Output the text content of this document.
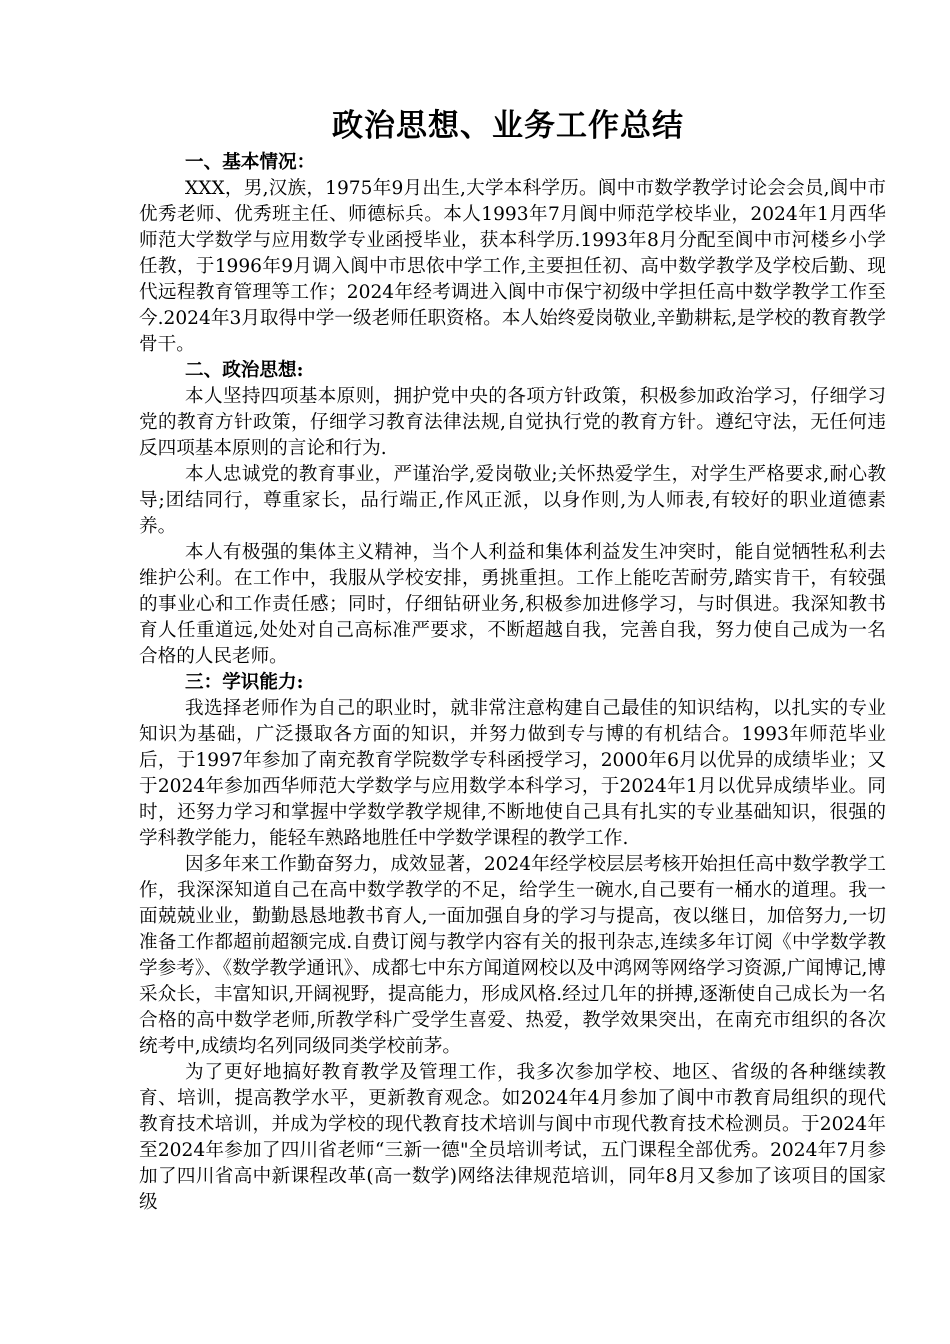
政治思想、业务工作总结

一、基本情况：

XXX，男,汉族，1975年9月出生,大学本科学历。阆中市数学教学讨论会会员,阆中市优秀老师、优秀班主任、师德标兵。本人1993年7月阆中师范学校毕业，2024年1月西华师范大学数学与应用数学专业函授毕业，获本科学历.1993年8月分配至阆中市河楼乡小学任教，于1996年9月调入阆中市思依中学工作,主要担任初、高中数学教学及学校后勤、现代远程教育管理等工作；2024年经考调进入阆中市保宁初级中学担任高中数学教学工作至今.2024年3月取得中学一级老师任职资格。本人始终爱岗敬业,辛勤耕耘,是学校的教育教学骨干。

二、政治思想:

本人坚持四项基本原则，拥护党中央的各项方针政策，积极参加政治学习，仔细学习党的教育方针政策，仔细学习教育法律法规,自觉执行党的教育方针。遵纪守法，无任何违反四项基本原则的言论和行为.

本人忠诚党的教育事业，严谨治学,爱岗敬业;关怀热爱学生，对学生严格要求,耐心教导;团结同行，尊重家长，品行端正,作风正派，以身作则,为人师表,有较好的职业道德素养。

本人有极强的集体主义精神，当个人利益和集体利益发生冲突时，能自觉牺牲私利去维护公利。在工作中，我服从学校安排，勇挑重担。工作上能吃苦耐劳,踏实肯干，有较强的事业心和工作责任感；同时，仔细钻研业务,积极参加进修学习，与时俱进。我深知教书育人任重道远,处处对自己高标准严要求，不断超越自我，完善自我，努力使自己成为一名合格的人民老师。

三：学识能力:

我选择老师作为自己的职业时，就非常注意构建自己最佳的知识结构，以扎实的专业知识为基础，广泛摄取各方面的知识，并努力做到专与博的有机结合。1993年师范毕业后，于1997年参加了南充教育学院数学专科函授学习，2000年6月以优异的成绩毕业；又于2024年参加西华师范大学数学与应用数学本科学习，于2024年1月以优异成绩毕业。同时，还努力学习和掌握中学数学教学规律,不断地使自己具有扎实的专业基础知识，很强的学科教学能力，能轻车熟路地胜任中学数学课程的教学工作.

因多年来工作勤奋努力，成效显著，2024年经学校层层考核开始担任高中数学教学工作，我深深知道自己在高中数学教学的不足，给学生一碗水,自己要有一桶水的道理。我一面兢兢业业，勤勤恳恳地教书育人,一面加强自身的学习与提高，夜以继日，加倍努力,一切准备工作都超前超额完成.自费订阅与教学内容有关的报刊杂志,连续多年订阅《中学数学教学参考》、《数学教学通讯》、成都七中东方闻道网校以及中鸿网等网络学习资源,广闻博记,博采众长，丰富知识,开阔视野，提高能力，形成风格.经过几年的拼搏,逐渐使自己成长为一名合格的高中数学老师,所教学科广受学生喜爱、热爱，教学效果突出，在南充市组织的各次统考中,成绩均名列同级同类学校前茅。

为了更好地搞好教育教学及管理工作，我多次参加学校、地区、省级的各种继续教育、培训，提高教学水平，更新教育观念。如2024年4月参加了阆中市教育局组织的现代教育技术培训，并成为学校的现代教育技术培训与阆中市现代教育技术检测员。于2024年至2024年参加了四川省老师“三新一德"全员培训考试，五门课程全部优秀。2024年7月参加了四川省高中新课程改革(高一数学)网络法律规范培训，同年8月又参加了该项目的国家级
